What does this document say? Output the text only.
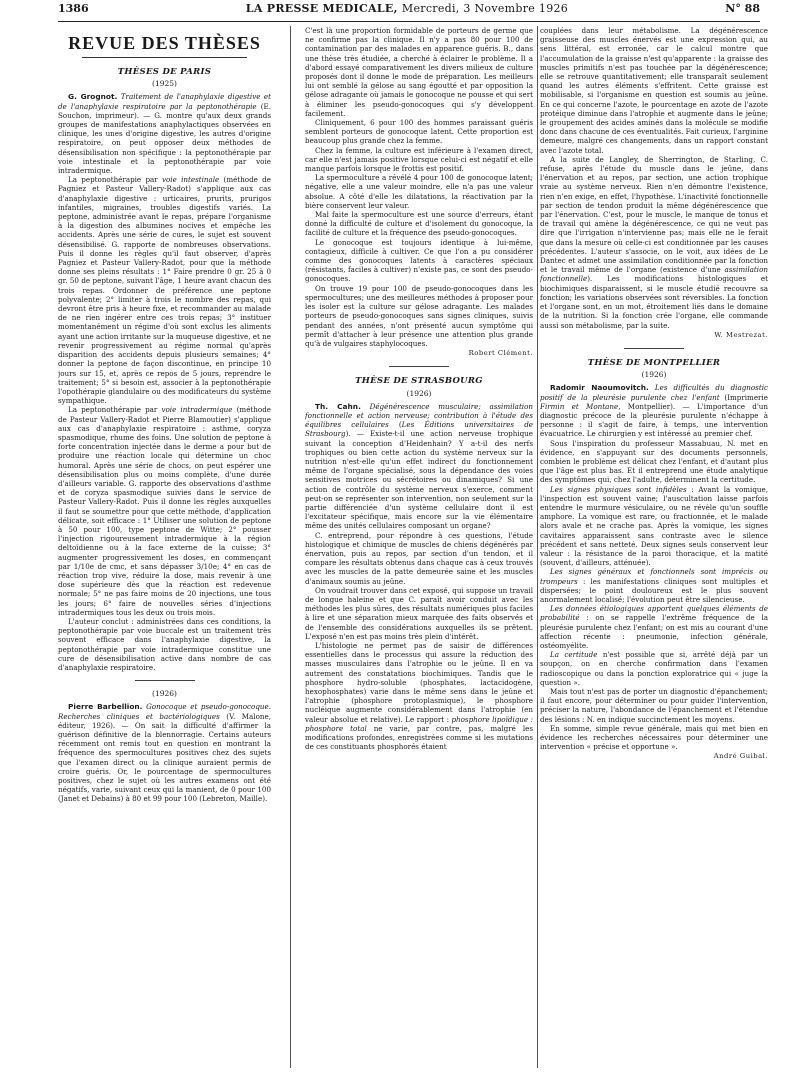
1386	LA PRESSE MEDICALE, Mercredi, 3 Novembre 1926	N° 88
REVUE DES THÈSES
THÈSES DE PARIS
(1925)

G. Grognot. Traitement de l'anaphylaxie digestive et de l'anaphylaxie respiratoire par la peptonothérapie (E. Souchon, imprimeur). — G. montre qu'aux deux grands groupes de manifestations anaphylactiques observées en clinique, les unes d'origine digestive, les autres d'origine respiratoire, on peut opposer deux méthodes de désensibilisation non spécifique : la peptonothérapie par voie intestinale et la peptonothérapie par voie intradermique.

La peptonothérapie par voie intestinale (méthode de Pagniez et Pasteur Vallery-Radot) s'applique aux cas d'anaphylaxie digestive : urticaires, prurits, prurigos infantiles, migraines, troubles digestifs variés. La peptone, administrée avant le repas, prépare l'organisme à la digestion des albumines nocives et empêche les accidents. Après une série de cures, le sujet est souvent désensibilisé. G. rapporte de nombreuses observations. Puis il donne les règles qu'il faut observer, d'après Pagniez et Pasteur Vallery-Radot, pour que la méthode donne ses pleins résultats : 1° Faire prendre 0 gr. 25 à 0 gr. 50 de peptone, suivant l'âge, 1 heure avant chacun des trois repas. Ordonner de préférence une peptone polyvalente; 2° limiter à trois le nombre des repas, qui devront être pris à heure fixe, et recommander au malade de ne rien ingérer entre ces trois repas; 3° instituer momentanément un régime d'où sont exclus les aliments ayant une action irritante sur la muqueuse digestive, et ne revenir progressivement au régime normal qu'après disparition des accidents depuis plusieurs semaines; 4° donner la peptone de façon discontinue, en principe 10 jours sur 15, et, après ce repos de 5 jours, reprendre le traitement; 5° si besoin est, associer à la peptonothérapie l'opothérapie glandulaire ou des modificateurs du système sympathique.

La peptonothérapie par voie intradermique (méthode de Pasteur Vallery-Radot et Pierre Blamoutier) s'applique aux cas d'anaphylaxie respiratoire : asthme, coryza spasmodique, rhume des foins. Une solution de peptone à forte concentration injectée dans le derme a pour but de produire une réaction locale qui détermine un choc humoral. Après une série de chocs, on peut espérer une désensibilisation plus ou moins complète, d'une durée d'ailleurs variable. G. rapporte des observations d'asthme et de coryza spasmodique suivies dans le service de Pasteur Vallery-Radot. Puis il donne les règles auxquelles il faut se soumettre pour que cette méthode, d'application délicate, soit efficace : 1° Utiliser une solution de peptone à 50 pour 100, type peptone de Witte; 2° pousser l'injection rigoureusement intradermique à la région deltoïdienne ou à la face externe de la cuisse; 3° augmenter progressivement les doses, en commençant par 1/10e de cmc, et sans dépasser 3/10e; 4° en cas de réaction trop vive, réduire la dose, mais revenir à une dose supérieure dès que la réaction est redevenue normale; 5° ne pas faire moins de 20 injections, une tous les jours; 6° faire de nouvelles séries d'injections intradermiques tous les deux ou trois mois.

L'auteur conclut : administrées dans ces conditions, la peptonothérapie par voie buccale est un traitement très souvent efficace dans l'anaphylaxie digestive, la peptonothérapie par voie intradermique constitue une cure de désensibilisation active dans nombre de cas d'anaphylaxie respiratoire.

(1926)

Pierre Barbellion. Gonocoque et pseudo-gonocoque. Recherches cliniques et bactériologiques (V. Malone, éditeur, 1926). — On sait la difficulté d'affirmer la guérison définitive de la blennorragie. Certains auteurs récemment ont remis tout en question en montrant la fréquence des spermocultures positives chez des sujets que l'examen direct ou la clinique auraient permis de croire guéris. Or, le pourcentage de spermocultures positives, chez le sujet où les autres examens ont été négatifs, varie, suivant ceux qui la manient, de 0 pour 100 (Janet et Debains) à 80 et 99 pour 100 (Lebreton, Maille).

C'est là une proportion formidable de porteurs de germe que ne confirme pas la clinique. Il n'y a pas 80 pour 100 de contamination par des malades en apparence guéris. B., dans une thèse très étudiée, a cherché à éclairer le problème. Il a d'abord essayé comparativement les divers milieux de culture proposés dont il donne le mode de préparation. Les meilleurs lui ont semblé la gélose au sang égoutté et par opposition la gélose adragante où jamais le gonocoque ne pousse et qui sert à éliminer les pseudo-gonocoques qui s'y développent facilement.

Cliniquement, 6 pour 100 des hommes paraissant guéris semblent porteurs de gonocoque latent. Cette proportion est beaucoup plus grande chez la femme.

Chez la femme, la culture est inférieure à l'examen direct, car elle n'est jamais positive lorsque celui-ci est négatif et elle manque parfois lorsque le frottis est positif.

La spermoculture a révélé 4 pour 100 de gonocoque latent; négative, elle a une valeur moindre, elle n'a pas une valeur absolue. A côté d'elle les dilatations, la réactivation par la bière conservent leur valeur.

Mal faite la spermoculture est une source d'erreurs, étant donné la difficulté de culture et d'isolement du gonocoque, la facilité de culture et la fréquence des pseudo-gonocoques.

Le gonocoque est toujours identique à lui-même, contagieux, difficile à cultiver. Ce que l'on a pu considérer comme des gonocoques latents à caractères spéciaux (résistants, faciles à cultiver) n'existe pas, ce sont des pseudo-gonocoques.

On trouve 19 pour 100 de pseudo-gonocoques dans les spermocultures; une des meilleures méthodes à proposer pour les isoler est la culture sur gélose adragante. Les malades porteurs de pseudo-gonocoques sans signes cliniques, suivis pendant des années, n'ont présenté aucun symptôme qui permît d'attacher à leur présence une attention plus grande qu'à de vulgaires staphylocoques.

Robert Clément.
THÈSE DE STRASBOURG
(1926)

Th. Cahn. Dégénérescence musculaire; assimilation fonctionnelle et action nerveuse; contribution à l'étude des équilibres cellulaires (Les Éditions universitaires de Strasbourg). — Existe-t-il une action nerveuse trophique suivant la conception d'Heidenhain? Y a-t-il des nerfs trophiques ou bien cette action du système nerveux sur la nutrition n'est-elle qu'un effet indirect du fonctionnement même de l'organe spécialisé, sous la dépendance des voies sensitives motrices ou sécrétoires ou dinamiques? Si une action de contrôle du système nerveux s'exerce, comment peut-on se représenter son intervention, non seulement sur la partie différenciée d'un système cellulaire dont il est l'excitateur spécifique, mais encore sur la vie élémentaire même des unités cellulaires composant un organe?

C. entreprend, pour répondre à ces questions, l'étude histologique et chimique de muscles de chiens dégénérés par énervation, puis au repos, par section d'un tendon, et il compare les résultats obtenus dans chaque cas à ceux trouvés avec les muscles de la patte demeurée saine et les muscles d'animaux soumis au jeûne.

On voudrait trouver dans cet exposé, qui suppose un travail de longue haleine et que C. paraît avoir conduit avec les méthodes les plus sûres, des résultats numériques plus faciles à lire et une séparation mieux marquée des faits observés et de l'ensemble des considérations auxquelles ils se prêtent. L'exposé n'en est pas moins très plein d'intérêt.

L'histologie ne permet pas de saisir de différences essentielles dans le processus qui assure la réduction des masses musculaires dans l'atrophie ou le jeûne. Il en va autrement des constatations biochimiques. Tandis que le phosphore hydro-soluble (phosphates, lactacidogène, hexophosphates) varie dans le même sens dans le jeûne et l'atrophie (phosphore protoplasmique), le phosphore nucléique augmente considérablement dans l'atrophie (en valeur absolue et relative). Le rapport : phosphore lipoïdique : phosphore total ne varie, par contre, pas, malgré les modifications profondes, enregistrées comme si les mutations de ces constituants phosphorés étaient

couplées dans leur métabolisme. La dégénérescence graisseuse des muscles énervés est une expression qui, au sens littéral, est erronée, car le calcul montre que l'accumulation de la graisse n'est qu'apparente : la graisse des muscles primitifs n'est pas touchée par la dégénérescence; elle se retrouve quantitativement; elle transparaît seulement quand les autres éléments s'effritent. Cette graisse est mobilisable, si l'organisme en question est soumis au jeûne. En ce qui concerne l'azote, le pourcentage en azote de l'azote protéique diminue dans l'atrophie et augmente dans le jeûne; le groupement des acides aminés dans la molécule se modifie donc dans chacune de ces éventualités. Fait curieux, l'arginine demeure, malgré ces changements, dans un rapport constant avec l'azote total.

A la suite de Langley, de Sherrington, de Starling, C. refuse, après l'étude du muscle dans le jeûne, dans l'énervation et au repos, par section, une action trophique vraie au système nerveux. Rien n'en démontre l'existence, rien n'en exige, en effet, l'hypothèse. L'inactivité fonctionnelle par section de tendon produit la même dégénérescence que par l'énervation. C'est, pour le muscle, le manque de tonus et de travail qui amène la dégénérescence, ce qui ne veut pas dire que l'irrigation n'intervienne pas; mais elle ne le ferait que dans la mesure où celle-ci est conditionnée par les causes précédentes. L'auteur s'associe, on le voit, aux idées de Le Dantec et admet une assimilation conditionnée par la fonction et le travail même de l'organe (existence d'une assimilation fonctionnelle). Les modifications histologiques et biochimiques disparaissent, si le muscle étudié recouvre sa fonction; les variations observées sont réversibles. La fonction et l'organe sont, en un mot, étroitement liés dans le domaine de la nutrition. Si la fonction crée l'organe, elle commande aussi son métabolisme, par la suite.

W. Mestrezat.
THÈSE DE MONTPELLIER
(1926)

Radomir Naoumovitch. Les difficultés du diagnostic positif de la pleurésie purulente chez l'enfant (Imprimerie Firmin et Montane, Montpellier). — L'importance d'un diagnostic précoce de la pleurésie purulente n'échappe à personne : il s'agit de faire, à temps, une intervention évacuatrice. Le chirurgien y est intéressé au premier chef.

Sous l'inspiration du professeur Massabuau, N. met en évidence, en s'appuyant sur des documents personnels, combien le problème est délicat chez l'enfant, et d'autant plus que l'âge est plus bas. Et il entreprend une étude analytique des symptômes qui, chez l'adulte, déterminent la certitude.

Les signes physiques sont infidèles : Avant la vomique, l'inspection est souvent vaine; l'auscultation laisse parfois entendre le murmure vésiculaire, ou ne révèle qu'un souffle amphore. La vomique est rare, ou fractionnée, et le malade alors avale et ne crache pas. Après la vomique, les signes cavitaires apparaissent sans contraste avec le silence précédent et sans netteté. Deux signes seuls conservent leur valeur : la résistance de la paroi thoracique, et la matité (souvent, d'ailleurs, atténuée).

Les signes généraux et fonctionnels sont imprécis ou trompeurs : les manifestations cliniques sont multiples et dispersées; le point douloureux est le plus souvent anormalement localisé; l'évolution peut être silencieuse.

Les données étiologiques apportent quelques éléments de probabilité : on se rappelle l'extrême fréquence de la pleurésie purulente chez l'enfant; on est mis au courant d'une affection récente : pneumonie, infection générale, ostéomyélite.

La certitude n'est possible que si, arrêté déjà par un soupçon, on en cherche confirmation dans l'examen radioscopique ou dans la ponction exploratrice qui « juge la question ».

Mais tout n'est pas de porter un diagnostic d'épanchement; il faut encore, pour déterminer ou pour guider l'intervention, préciser la nature, l'abondance de l'épanchement et l'étendue des lésions : N. en indique succinctement les moyens.

En somme, simple revue générale, mais qui met bien en évidence les recherches nécessaires pour déterminer une intervention « précise et opportune ».

André Guibal.
